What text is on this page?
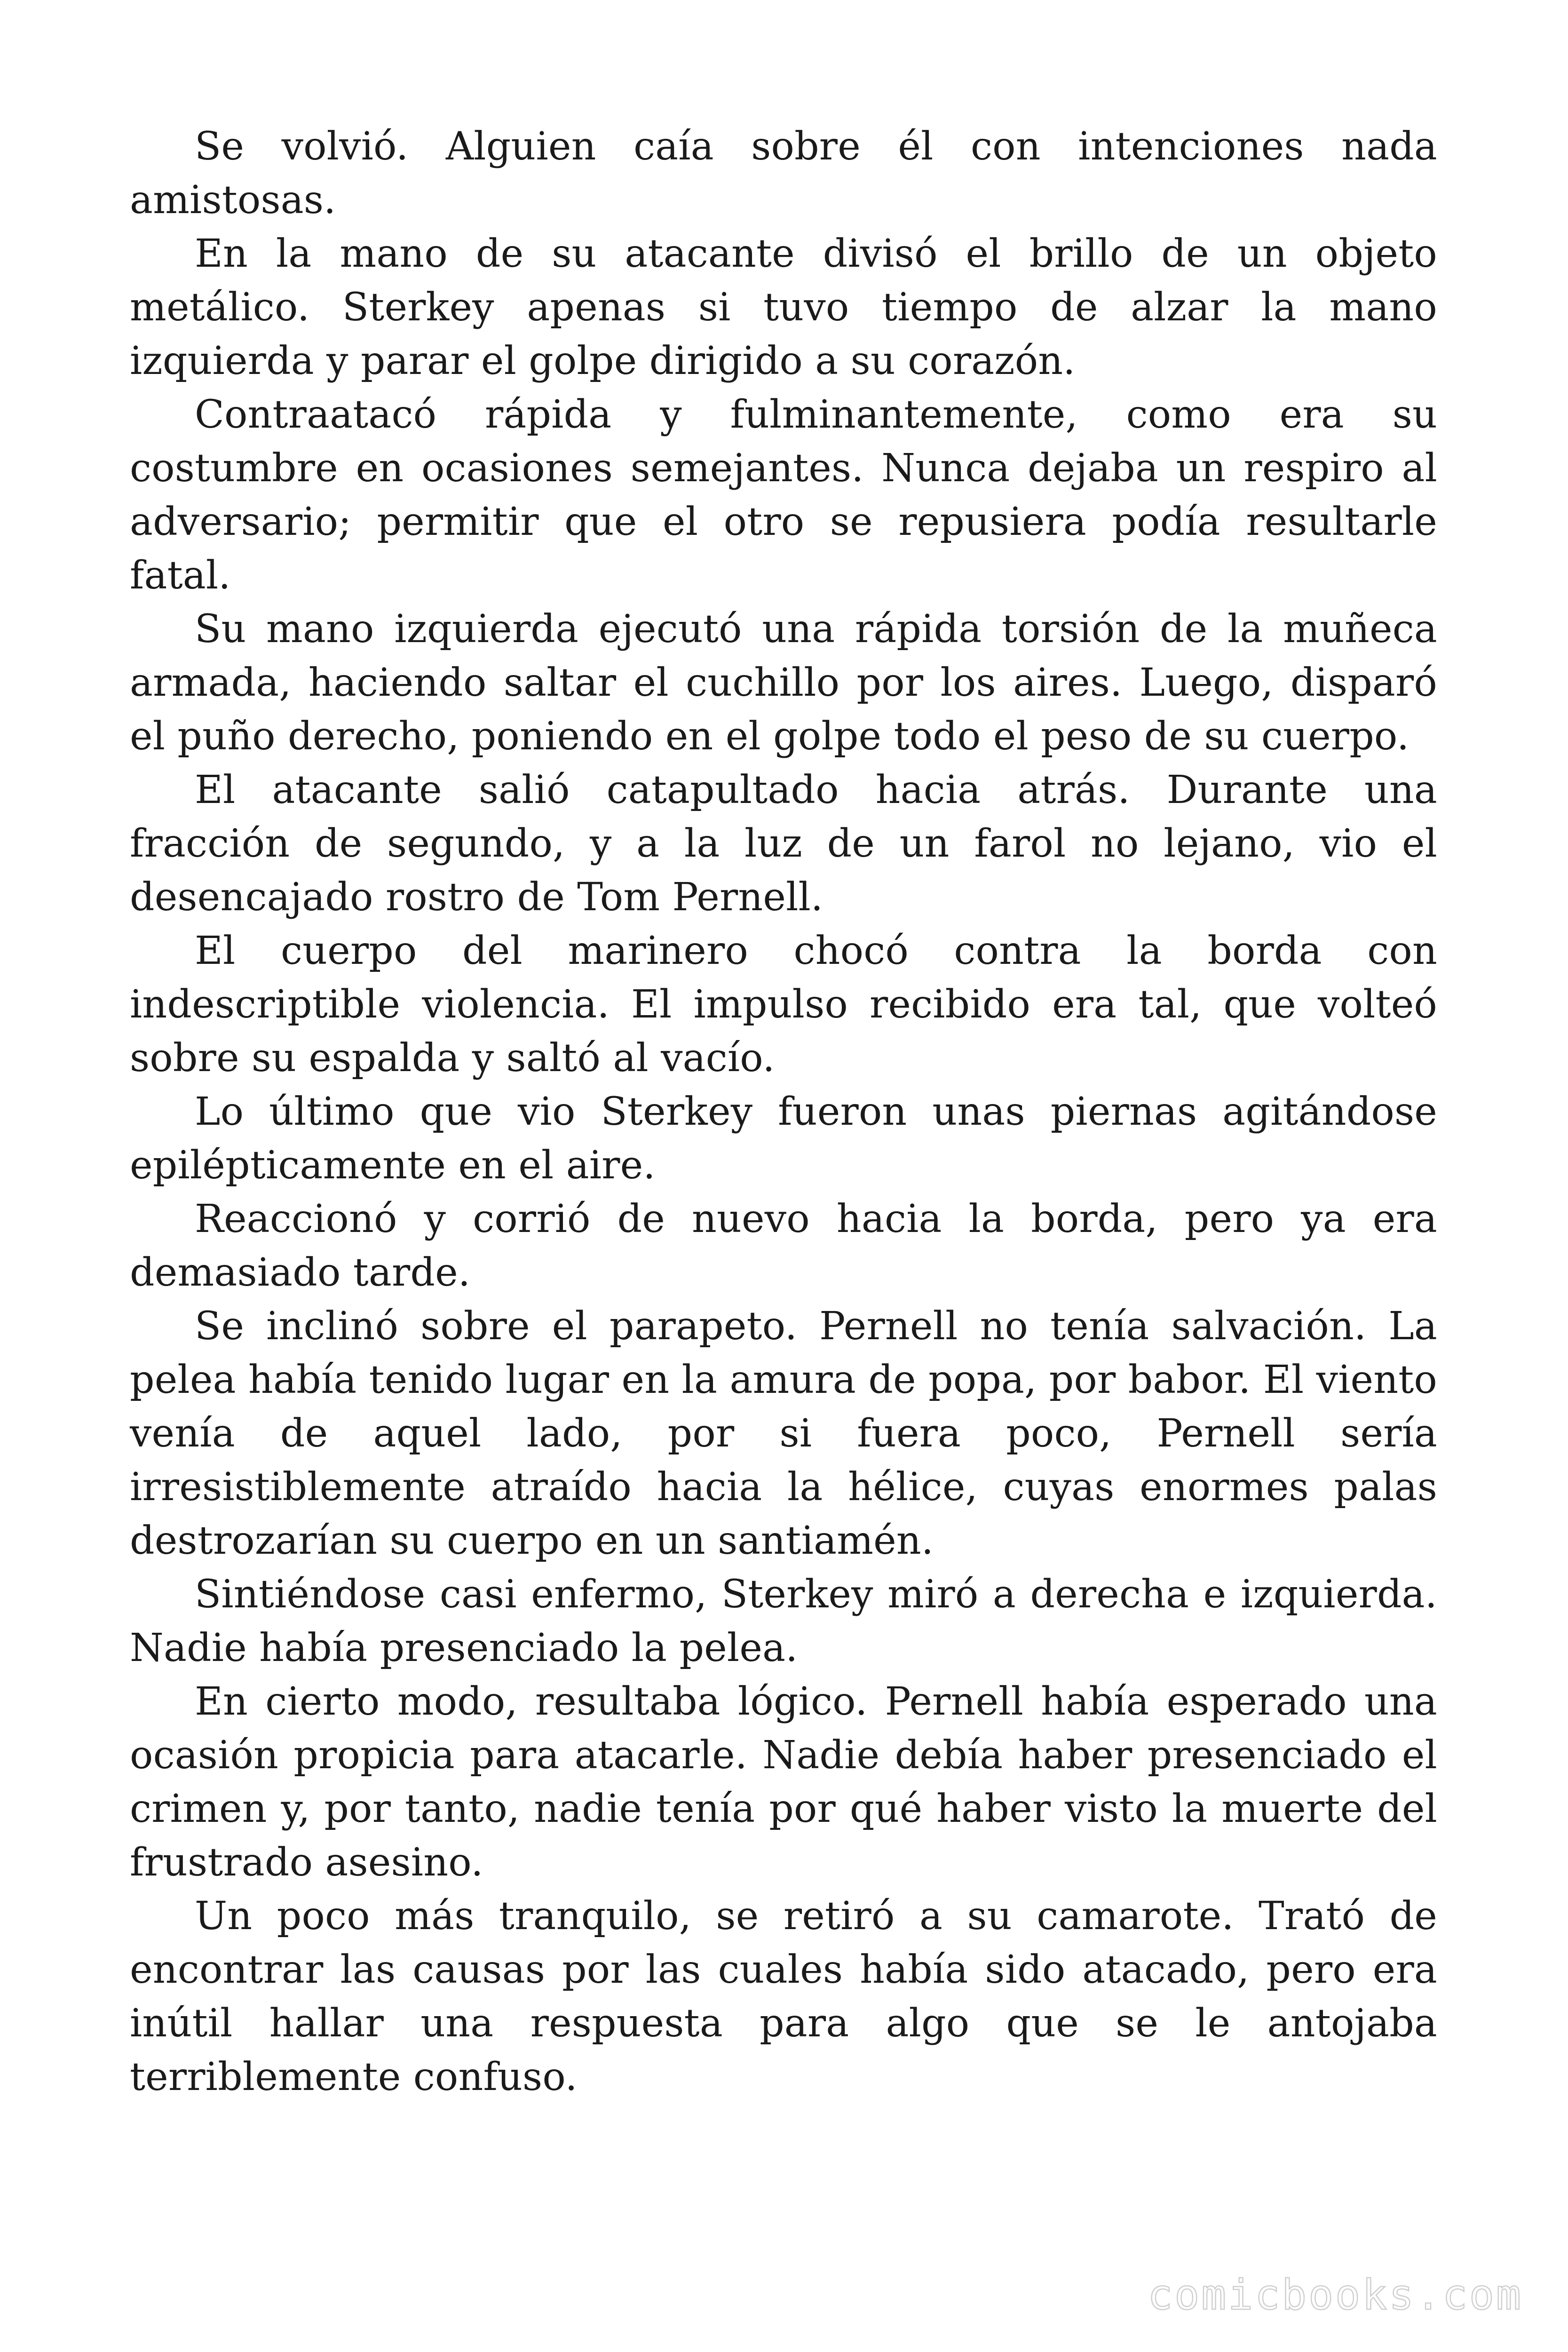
Se volvió. Alguien caía sobre él con intenciones nada amistosas.

En la mano de su atacante divisó el brillo de un objeto metálico. Sterkey apenas si tuvo tiempo de alzar la mano izquierda y parar el golpe dirigido a su corazón.

Contraatacó rápida y fulminantemente, como era su costumbre en ocasiones semejantes. Nunca dejaba un respiro al adversario; permitir que el otro se repusiera podía resultarle fatal.

Su mano izquierda ejecutó una rápida torsión de la muñeca armada, haciendo saltar el cuchillo por los aires. Luego, disparó el puño derecho, poniendo en el golpe todo el peso de su cuerpo.

El atacante salió catapultado hacia atrás. Durante una fracción de segundo, y a la luz de un farol no lejano, vio el desencajado rostro de Tom Pernell.

El cuerpo del marinero chocó contra la borda con indescriptible violencia. El impulso recibido era tal, que volteó sobre su espalda y saltó al vacío.

Lo último que vio Sterkey fueron unas piernas agitándose epilépticamente en el aire.

Reaccionó y corrió de nuevo hacia la borda, pero ya era demasiado tarde.

Se inclinó sobre el parapeto. Pernell no tenía salvación. La pelea había tenido lugar en la amura de popa, por babor. El viento venía de aquel lado, por si fuera poco, Pernell sería irresistiblemente atraído hacia la hélice, cuyas enormes palas destrozarían su cuerpo en un santiamén.

Sintiéndose casi enfermo, Sterkey miró a derecha e izquierda. Nadie había presenciado la pelea.

En cierto modo, resultaba lógico. Pernell había esperado una ocasión propicia para atacarle. Nadie debía haber presenciado el crimen y, por tanto, nadie tenía por qué haber visto la muerte del frustrado asesino.

Un poco más tranquilo, se retiró a su camarote. Trató de encontrar las causas por las cuales había sido atacado, pero era inútil hallar una respuesta para algo que se le antojaba terriblemente confuso.

comicbooks.com
